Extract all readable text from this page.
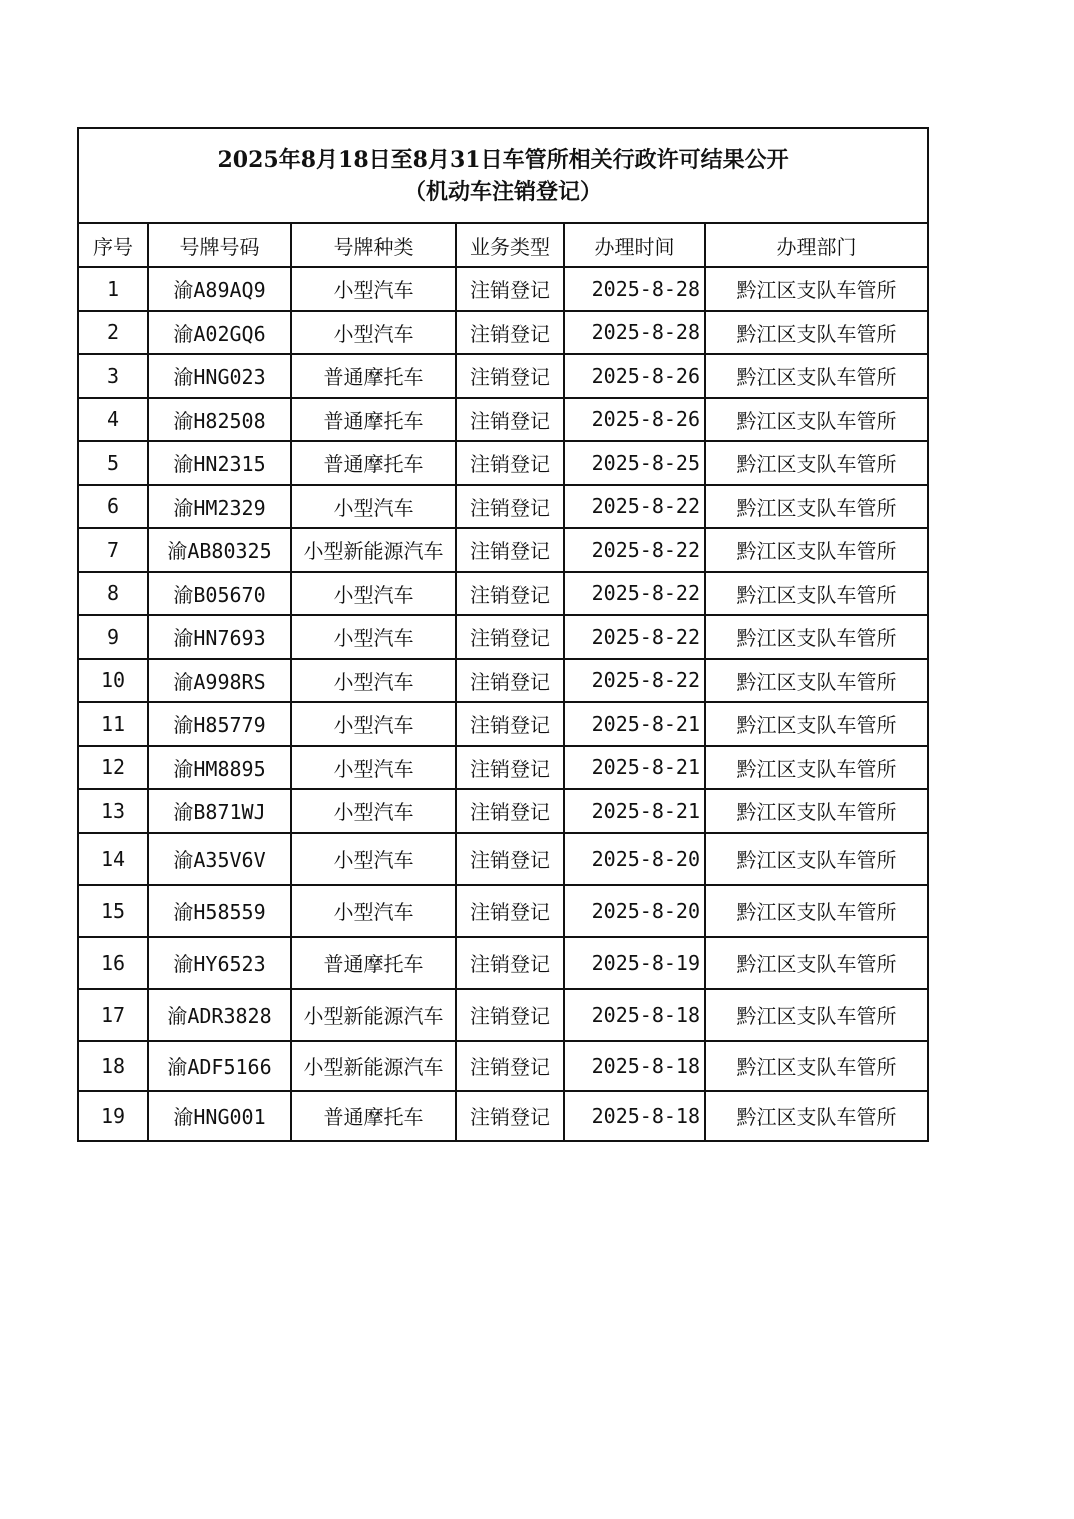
2025年8月18日至8月31日车管所相关行政许可结果公开
（机动车注销登记）					

序号	号牌号码	号牌种类	业务类型	办理时间	办理部门
1	渝A89AQ9	小型汽车	注销登记	2025-8-28	黔江区支队车管所
2	渝A02GQ6	小型汽车	注销登记	2025-8-28	黔江区支队车管所
3	渝HNG023	普通摩托车	注销登记	2025-8-26	黔江区支队车管所
4	渝H82508	普通摩托车	注销登记	2025-8-26	黔江区支队车管所
5	渝HN2315	普通摩托车	注销登记	2025-8-25	黔江区支队车管所
6	渝HM2329	小型汽车	注销登记	2025-8-22	黔江区支队车管所
7	渝AB80325	小型新能源汽车	注销登记	2025-8-22	黔江区支队车管所
8	渝B05670	小型汽车	注销登记	2025-8-22	黔江区支队车管所
9	渝HN7693	小型汽车	注销登记	2025-8-22	黔江区支队车管所
10	渝A998RS	小型汽车	注销登记	2025-8-22	黔江区支队车管所
11	渝H85779	小型汽车	注销登记	2025-8-21	黔江区支队车管所
12	渝HM8895	小型汽车	注销登记	2025-8-21	黔江区支队车管所
13	渝B871WJ	小型汽车	注销登记	2025-8-21	黔江区支队车管所
14	渝A35V6V	小型汽车	注销登记	2025-8-20	黔江区支队车管所
15	渝H58559	小型汽车	注销登记	2025-8-20	黔江区支队车管所
16	渝HY6523	普通摩托车	注销登记	2025-8-19	黔江区支队车管所
17	渝ADR3828	小型新能源汽车	注销登记	2025-8-18	黔江区支队车管所
18	渝ADF5166	小型新能源汽车	注销登记	2025-8-18	黔江区支队车管所
19	渝HNG001	普通摩托车	注销登记	2025-8-18	黔江区支队车管所
